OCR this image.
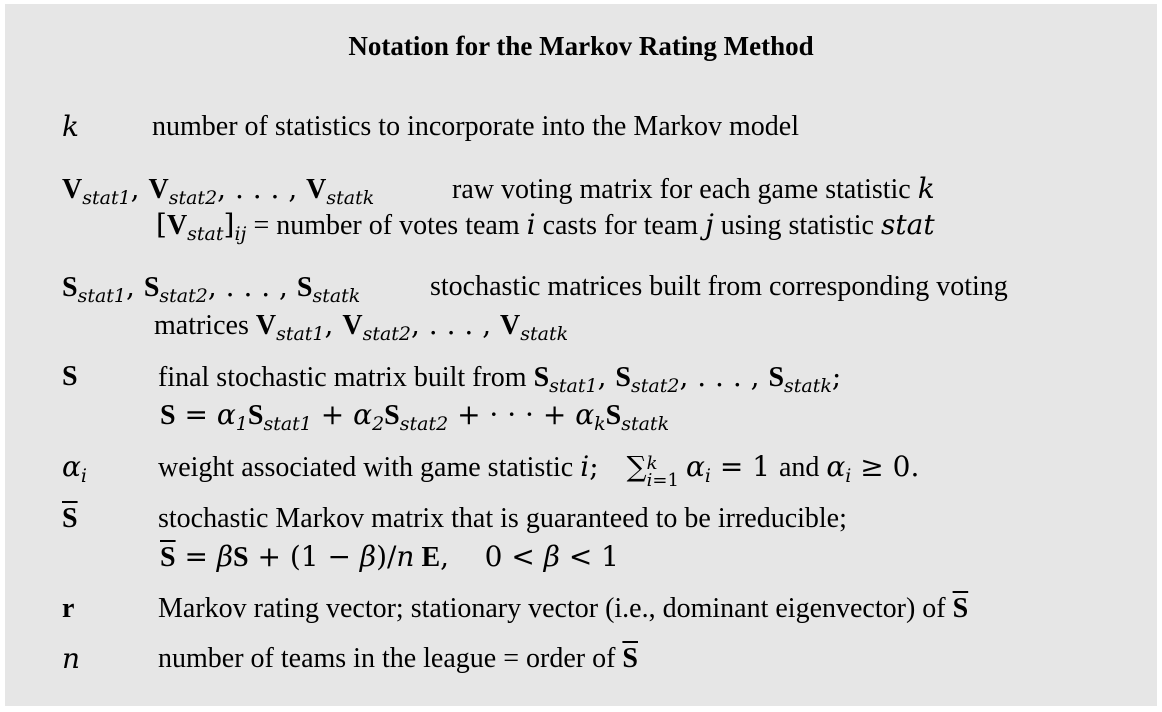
Notation for the Markov Rating Method
k	number of statistics to incorporate into the Markov model
$V_{stat1}$, $V_{stat2}$, . . . , $V_{statk}$	raw voting matrix for each game statistic k
$[V_{stat}]_{ij}$ = number of votes team i casts for team j using statistic stat
$S_{stat1}$, $S_{stat2}$, . . . , $S_{statk}$ stochastic matrices built from corresponding voting
matrices $V_{stat1}$, $V_{stat2}$, . . . , $V_{statk}$
S	final stochastic matrix built from $S_{stat1}$, $S_{stat2}$, . . . , $S_{statk}$;
$S = \alpha_1S_{stat1} + \alpha_2S_{stat2}$ + · · · + $\alpha_kS_{statk}$
$\alpha_i$	weight associated with game statistic i; ∑ k
i=1 $\alpha_i = 1$ and $\alpha_i \ge 0$.
$\overline{S}$	stochastic Markov matrix that is guaranteed to be irreducible;
$\overline{S} = \beta S + (1 - \beta)/n$ E,    0 < β < 1
r	Markov rating vector; stationary vector (i.e., dominant eigenvector) of $\overline{S}$
n	number of teams in the league = order of $\overline{S}$
